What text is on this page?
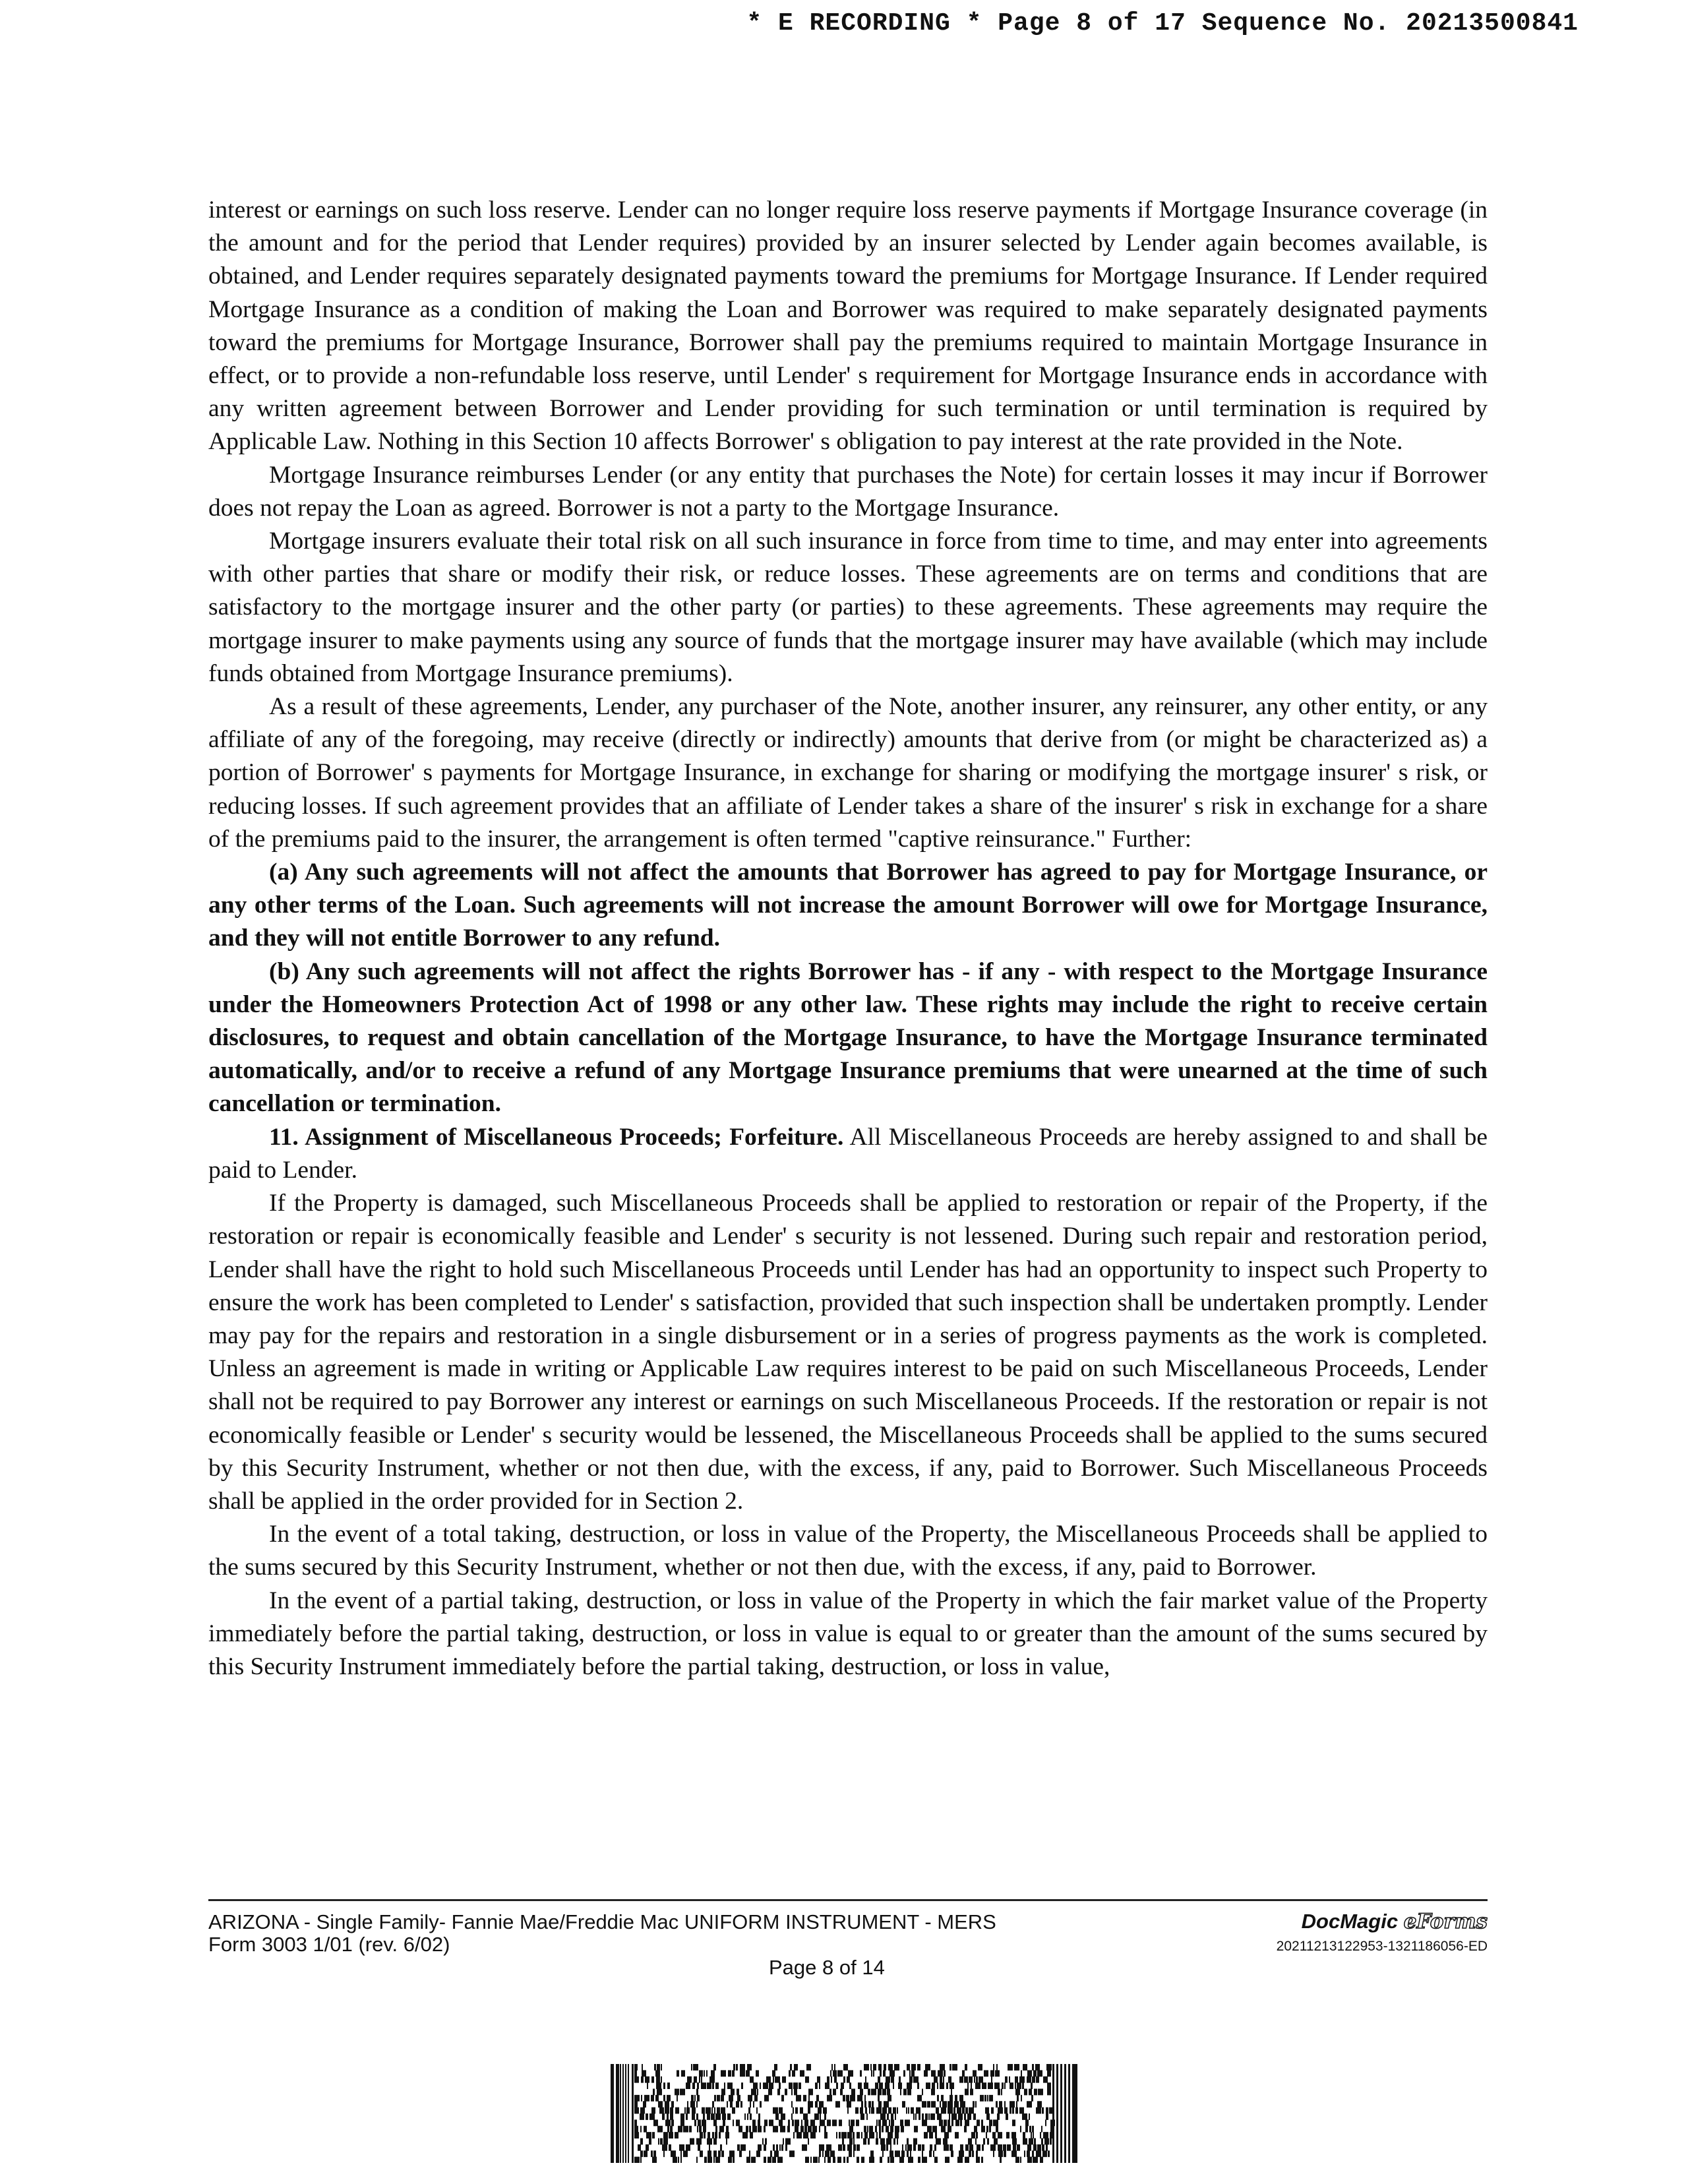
* E RECORDING * Page 8 of 17 Sequence No. 20213500841

interest or earnings on such loss reserve. Lender can no longer require loss reserve payments if Mortgage Insurance coverage (in the amount and for the period that Lender requires) provided by an insurer selected by Lender again becomes available, is obtained, and Lender requires separately designated payments toward the premiums for Mortgage Insurance. If Lender required Mortgage Insurance as a condition of making the Loan and Borrower was required to make separately designated payments toward the premiums for Mortgage Insurance, Borrower shall pay the premiums required to maintain Mortgage Insurance in effect, or to provide a non-refundable loss reserve, until Lender' s requirement for Mortgage Insurance ends in accordance with any written agreement between Borrower and Lender providing for such termination or until termination is required by Applicable Law. Nothing in this Section 10 affects Borrower' s obligation to pay interest at the rate provided in the Note.

Mortgage Insurance reimburses Lender (or any entity that purchases the Note) for certain losses it may incur if Borrower does not repay the Loan as agreed. Borrower is not a party to the Mortgage Insurance.

Mortgage insurers evaluate their total risk on all such insurance in force from time to time, and may enter into agreements with other parties that share or modify their risk, or reduce losses. These agreements are on terms and conditions that are satisfactory to the mortgage insurer and the other party (or parties) to these agreements. These agreements may require the mortgage insurer to make payments using any source of funds that the mortgage insurer may have available (which may include funds obtained from Mortgage Insurance premiums).

As a result of these agreements, Lender, any purchaser of the Note, another insurer, any reinsurer, any other entity, or any affiliate of any of the foregoing, may receive (directly or indirectly) amounts that derive from (or might be characterized as) a portion of Borrower' s payments for Mortgage Insurance, in exchange for sharing or modifying the mortgage insurer' s risk, or reducing losses. If such agreement provides that an affiliate of Lender takes a share of the insurer' s risk in exchange for a share of the premiums paid to the insurer, the arrangement is often termed "captive reinsurance." Further:

(a) Any such agreements will not affect the amounts that Borrower has agreed to pay for Mortgage Insurance, or any other terms of the Loan. Such agreements will not increase the amount Borrower will owe for Mortgage Insurance, and they will not entitle Borrower to any refund.

(b) Any such agreements will not affect the rights Borrower has - if any - with respect to the Mortgage Insurance under the Homeowners Protection Act of 1998 or any other law. These rights may include the right to receive certain disclosures, to request and obtain cancellation of the Mortgage Insurance, to have the Mortgage Insurance terminated automatically, and/or to receive a refund of any Mortgage Insurance premiums that were unearned at the time of such cancellation or termination.

11. Assignment of Miscellaneous Proceeds; Forfeiture. All Miscellaneous Proceeds are hereby assigned to and shall be paid to Lender.

If the Property is damaged, such Miscellaneous Proceeds shall be applied to restoration or repair of the Property, if the restoration or repair is economically feasible and Lender' s security is not lessened. During such repair and restoration period, Lender shall have the right to hold such Miscellaneous Proceeds until Lender has had an opportunity to inspect such Property to ensure the work has been completed to Lender' s satisfaction, provided that such inspection shall be undertaken promptly. Lender may pay for the repairs and restoration in a single disbursement or in a series of progress payments as the work is completed. Unless an agreement is made in writing or Applicable Law requires interest to be paid on such Miscellaneous Proceeds, Lender shall not be required to pay Borrower any interest or earnings on such Miscellaneous Proceeds. If the restoration or repair is not economically feasible or Lender' s security would be lessened, the Miscellaneous Proceeds shall be applied to the sums secured by this Security Instrument, whether or not then due, with the excess, if any, paid to Borrower. Such Miscellaneous Proceeds shall be applied in the order provided for in Section 2.

In the event of a total taking, destruction, or loss in value of the Property, the Miscellaneous Proceeds shall be applied to the sums secured by this Security Instrument, whether or not then due, with the excess, if any, paid to Borrower.

In the event of a partial taking, destruction, or loss in value of the Property in which the fair market value of the Property immediately before the partial taking, destruction, or loss in value is equal to or greater than the amount of the sums secured by this Security Instrument immediately before the partial taking, destruction, or loss in value,

ARIZONA - Single Family- Fannie Mae/Freddie Mac UNIFORM INSTRUMENT - MERS
Form 3003 1/01 (rev. 6/02)
Page 8 of 14
DocMagic eForms
20211213122953-1321186056-ED
